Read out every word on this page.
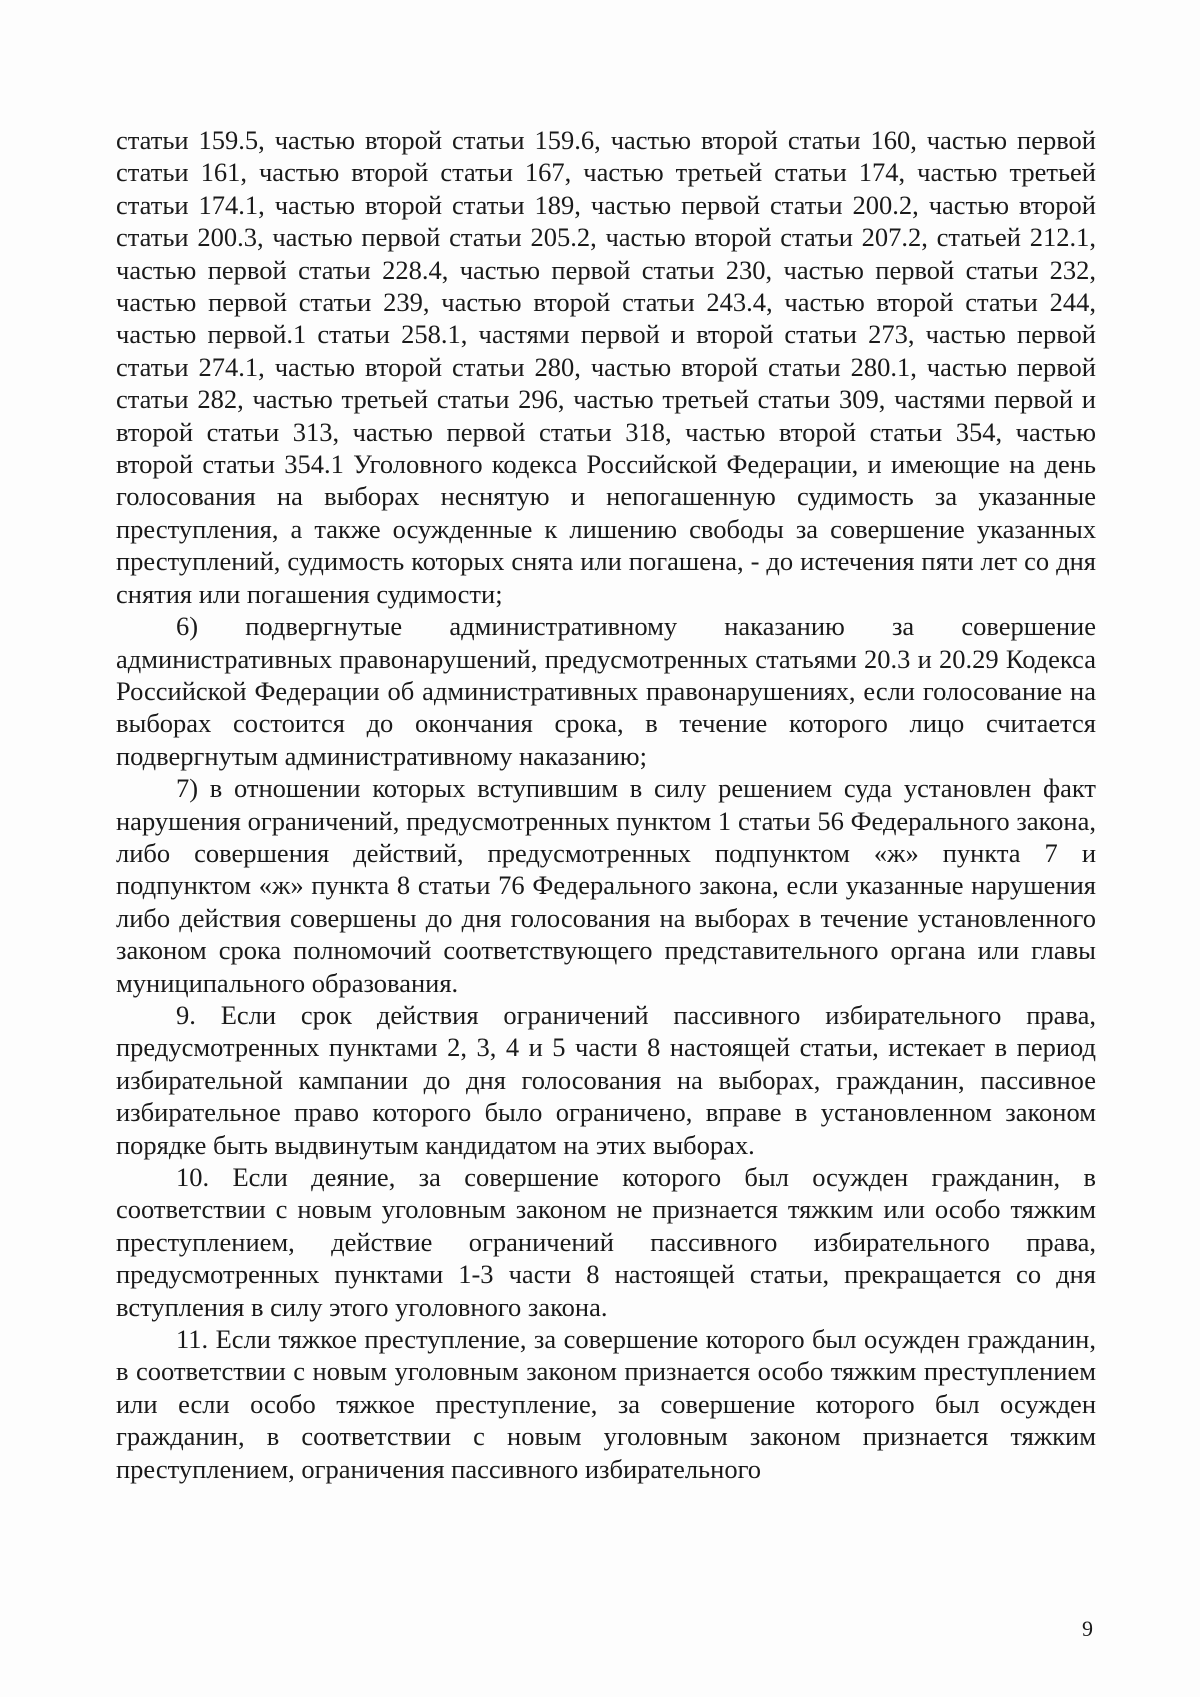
статьи 159.5, частью второй статьи 159.6, частью второй статьи 160, частью первой статьи 161, частью второй статьи 167, частью третьей статьи 174, частью третьей статьи 174.1, частью второй статьи 189, частью первой статьи 200.2, частью второй статьи 200.3, частью первой статьи 205.2, частью второй статьи 207.2, статьей 212.1, частью первой статьи 228.4, частью первой статьи 230, частью первой статьи 232, частью первой статьи 239, частью второй статьи 243.4, частью второй статьи 244, частью первой.1 статьи 258.1, частями первой и второй статьи 273, частью первой статьи 274.1, частью второй статьи 280, частью второй статьи 280.1, частью первой статьи 282, частью третьей статьи 296, частью третьей статьи 309, частями первой и второй статьи 313, частью первой статьи 318, частью второй статьи 354, частью второй статьи 354.1 Уголовного кодекса Российской Федерации, и имеющие на день голосования на выборах неснятую и непогашенную судимость за указанные преступления, а также осужденные к лишению свободы за совершение указанных преступлений, судимость которых снята или погашена, - до истечения пяти лет со дня снятия или погашения судимости;

6) подвергнутые административному наказанию за совершение административных правонарушений, предусмотренных статьями 20.3 и 20.29 Кодекса Российской Федерации об административных правонарушениях, если голосование на выборах состоится до окончания срока, в течение которого лицо считается подвергнутым административному наказанию;

7) в отношении которых вступившим в силу решением суда установлен факт нарушения ограничений, предусмотренных пунктом 1 статьи 56 Федерального закона, либо совершения действий, предусмотренных подпунктом «ж» пункта 7 и подпунктом «ж» пункта 8 статьи 76 Федерального закона, если указанные нарушения либо действия совершены до дня голосования на выборах в течение установленного законом срока полномочий соответствующего представительного органа или главы муниципального образования.

9. Если срок действия ограничений пассивного избирательного права, предусмотренных пунктами 2, 3, 4 и 5 части 8 настоящей статьи, истекает в период избирательной кампании до дня голосования на выборах, гражданин, пассивное избирательное право которого было ограничено, вправе в установленном законом порядке быть выдвинутым кандидатом на этих выборах.

10. Если деяние, за совершение которого был осужден гражданин, в соответствии с новым уголовным законом не признается тяжким или особо тяжким преступлением, действие ограничений пассивного избирательного права, предусмотренных пунктами 1-3 части 8 настоящей статьи, прекращается со дня вступления в силу этого уголовного закона.

11. Если тяжкое преступление, за совершение которого был осужден гражданин, в соответствии с новым уголовным законом признается особо тяжким преступлением или если особо тяжкое преступление, за совершение которого был осужден гражданин, в соответствии с новым уголовным законом признается тяжким преступлением, ограничения пассивного избирательного

9
